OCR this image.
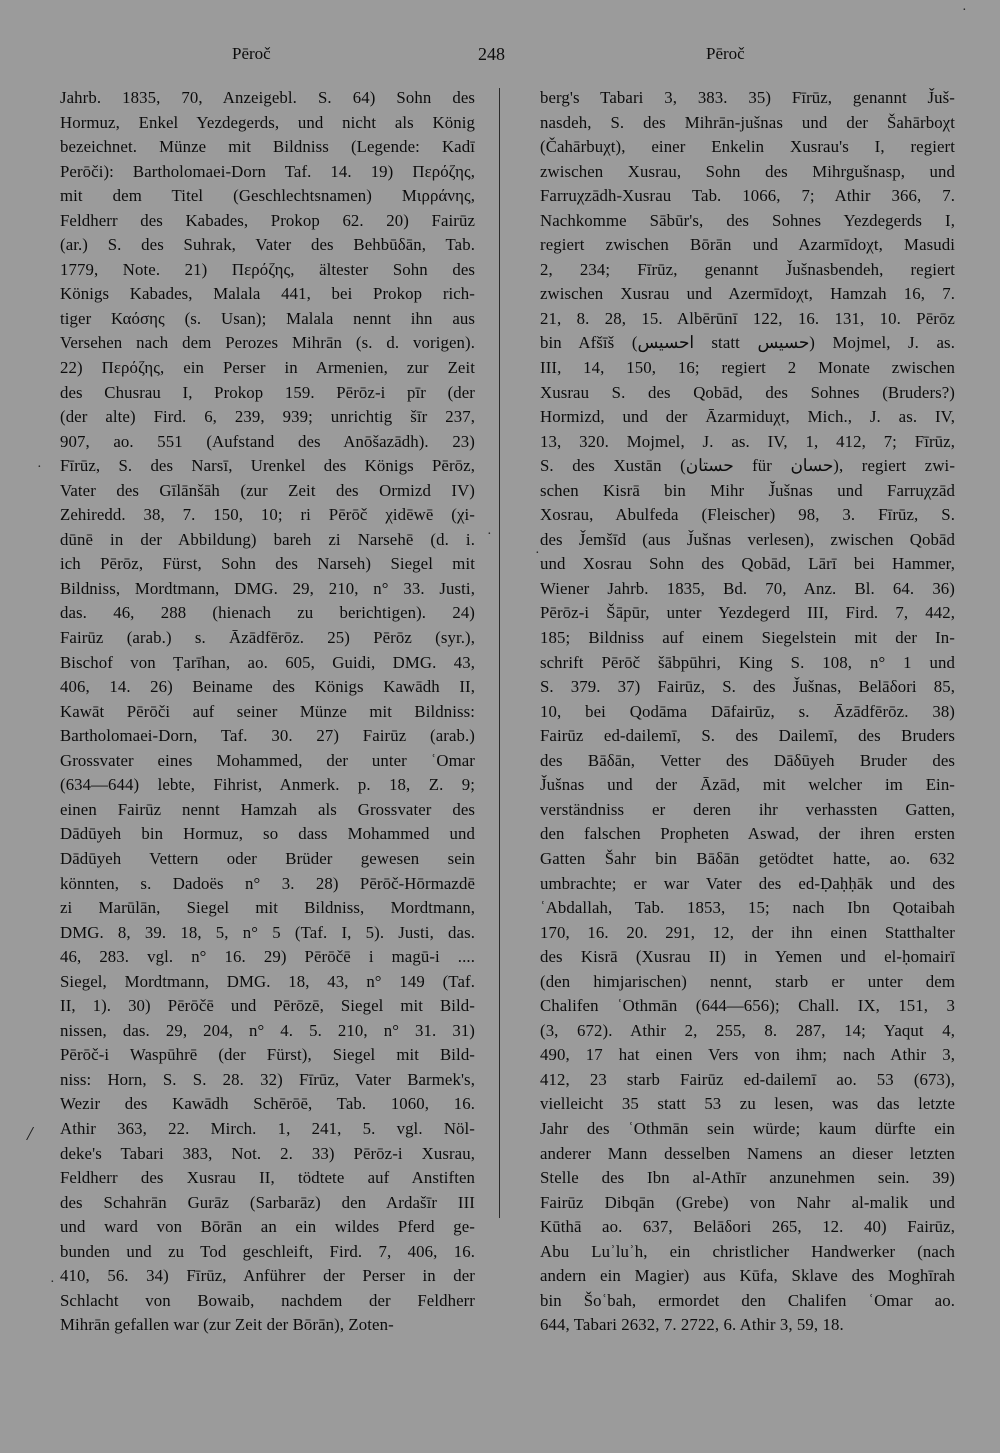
Pēroč	248	Pēroč
Jahrb. 1835, 70, Anzeigebl. S. 64) Sohn des
Hormuz, Enkel Yezdegerds, und nicht als König
bezeichnet. Münze mit Bildniss (Legende: Kadī
Perōči): Bartholomaei-Dorn Taf. 14. 19) Περόζης,
mit dem Titel (Geschlechtsnamen) Μιρράνης,
Feldherr des Kabades, Prokop 62. 20) Fairūz
(ar.) S. des Suhrak, Vater des Behbūδān, Tab.
1779, Note. 21) Περόζης, ältester Sohn des
Königs Kabades, Malala 441, bei Prokop rich-
tiger Καόσης (s. Usan); Malala nennt ihn aus
Versehen nach dem Perozes Mihrān (s. d. vorigen).
22) Περόζης, ein Perser in Armenien, zur Zeit
des Chusrau I, Prokop 159. Pērōz-i pīr (der
(der alte) Fird. 6, 239, 939; unrichtig šīr 237,
907, ao. 551 (Aufstand des Anōšazādh). 23)
Fīrūz, S. des Narsī, Urenkel des Königs Pērōz,
Vater des Gīlānšāh (zur Zeit des Ormizd IV)
Zehiredd. 38, 7. 150, 10; ri Pērōč χidēwē (χi-
dūnē in der Abbildung) bareh zi Narsehē (d. i.
ich Pērōz, Fürst, Sohn des Narseh) Siegel mit
Bildniss, Mordtmann, DMG. 29, 210, n° 33. Justi,
das. 46, 288 (hienach zu berichtigen). 24)
Fairūz (arab.) s. Āzādfērōz. 25) Pērōz (syr.),
Bischof von Ṭarīhan, ao. 605, Guidi, DMG. 43,
406, 14. 26) Beiname des Königs Kawādh II,
Kawāt Pērōči auf seiner Münze mit Bildniss:
Bartholomaei-Dorn, Taf. 30. 27) Fairūz (arab.)
Grossvater eines Mohammed, der unter ʿOmar
(634—644) lebte, Fihrist, Anmerk. p. 18, Z. 9;
einen Fairūz nennt Hamzah als Grossvater des
Dādūyeh bin Hormuz, so dass Mohammed und
Dādūyeh Vettern oder Brüder gewesen sein
könnten, s. Dadoës n° 3. 28) Pērōč-Hōrmazdē
zi Marūlān, Siegel mit Bildniss, Mordtmann,
DMG. 8, 39. 18, 5, n° 5 (Taf. I, 5). Justi, das.
46, 283. vgl. n° 16. 29) Pērōčē i magū-i ....
Siegel, Mordtmann, DMG. 18, 43, n° 149 (Taf.
II, 1). 30) Pērōčē und Pērōzē, Siegel mit Bild-
nissen, das. 29, 204, n° 4. 5. 210, n° 31. 31)
Pērōč-i Waspūhrē (der Fürst), Siegel mit Bild-
niss: Horn, S. S. 28. 32) Fīrūz, Vater Barmek's,
Wezir des Kawādh Schērōē, Tab. 1060, 16.
Athir 363, 22. Mirch. 1, 241, 5. vgl. Nöl-
deke's Tabari 383, Not. 2. 33) Pērōz-i Xusrau,
Feldherr des Xusrau II, tödtete auf Anstiften
des Schahrān Gurāz (Sarbarāz) den Ardašīr III
und ward von Bōrān an ein wildes Pferd ge-
bunden und zu Tod geschleift, Fird. 7, 406, 16.
410, 56. 34) Fīrūz, Anführer der Perser in der
Schlacht von Bowaib, nachdem der Feldherr
Mihrān gefallen war (zur Zeit der Bōrān), Zoten-
berg's Tabari 3, 383. 35) Fīrūz, genannt J̌uš-
nasdeh, S. des Mihrān-jušnas und der Šahārboχt
(Čahārbuχt), einer Enkelin Xusrau's I, regiert
zwischen Xusrau, Sohn des Mihrgušnasp, und
Farruχzādh-Xusrau Tab. 1066, 7; Athir 366, 7.
Nachkomme Sābūr's, des Sohnes Yezdegerds I,
regiert zwischen Bōrān und Azarmīdoχt, Masudi
2, 234; Fīrūz, genannt J̌ušnasbendeh, regiert
zwischen Xusrau und Azermīdoχt, Hamzah 16, 7.
21, 8. 28, 15. Albērūnī 122, 16. 131, 10. Pērōz
bin Afšīš (احسيس statt حسيس) Mojmel, J. as.
III, 14, 150, 16; regiert 2 Monate zwischen
Xusrau S. des Qobād, des Sohnes (Bruders?)
Hormizd, und der Āzarmiduχt, Mich., J. as. IV,
13, 320. Mojmel, J. as. IV, 1, 412, 7; Fīrūz,
S. des Xustān (حستان für حسان), regiert zwi-
schen Kisrā bin Mihr J̌ušnas und Farruχzād
Xosrau, Abulfeda (Fleischer) 98, 3. Fīrūz, S.
des J̌emšīd (aus J̌ušnas verlesen), zwischen Qobād
und Xosrau Sohn des Qobād, Lārī bei Hammer,
Wiener Jahrb. 1835, Bd. 70, Anz. Bl. 64. 36)
Pērōz-i Šāpūr, unter Yezdegerd III, Fird. 7, 442,
185; Bildniss auf einem Siegelstein mit der In-
schrift Pērōč šābpūhri, King S. 108, n° 1 und
S. 379. 37) Fairūz, S. des J̌ušnas, Belāδori 85,
10, bei Qodāma Dāfairūz, s. Āzādfērōz. 38)
Fairūz ed-dailemī, S. des Dailemī, des Bruders
des Bāδān, Vetter des Dāδūyeh Bruder des
J̌ušnas und der Āzād, mit welcher im Ein-
verständniss er deren ihr verhassten Gatten,
den falschen Propheten Aswad, der ihren ersten
Gatten Šahr bin Bāδān getödtet hatte, ao. 632
umbrachte; er war Vater des ed-Ḍaḥḥāk und des
ʿAbdallah, Tab. 1853, 15; nach Ibn Qotaibah
170, 16. 20. 291, 12, der ihn einen Statthalter
des Kisrā (Xusrau II) in Yemen und el-ḥomairī
(den himjarischen) nennt, starb er unter dem
Chalifen ʿOthmān (644—656); Chall. IX, 151, 3
(3, 672). Athir 2, 255, 8. 287, 14; Yaqut 4,
490, 17 hat einen Vers von ihm; nach Athir 3,
412, 23 starb Fairūz ed-dailemī ao. 53 (673),
vielleicht 35 statt 53 zu lesen, was das letzte
Jahr des ʿOthmān sein würde; kaum dürfte ein
anderer Mann desselben Namens an dieser letzten
Stelle des Ibn al-Athīr anzunehmen sein. 39)
Fairūz Dibqān (Grebe) von Nahr al-malik und
Kūthā ao. 637, Belāδori 265, 12. 40) Fairūz,
Abu Luʾluʾh, ein christlicher Handwerker (nach
andern ein Magier) aus Kūfa, Sklave des Moghīrah
bin Šoʿbah, ermordet den Chalifen ʿOmar ao.
644, Tabari 2632, 7. 2722, 6. Athir 3, 59, 18.
/
·
·
·
·
·
